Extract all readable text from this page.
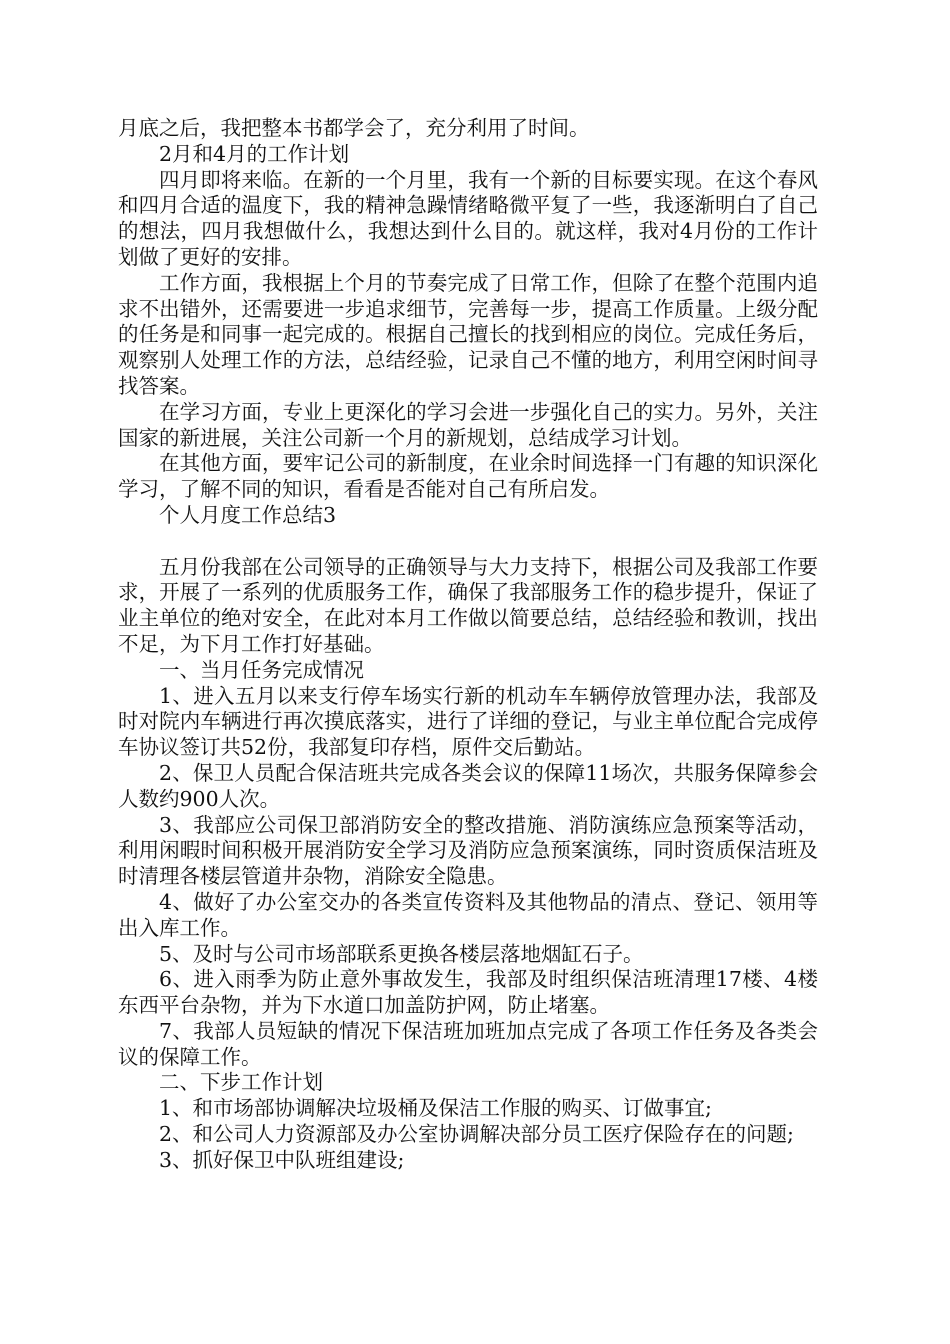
月底之后，我把整本书都学会了，充分利用了时间。

2月和4月的工作计划

四月即将来临。在新的一个月里，我有一个新的目标要实现。在这个春风和四月合适的温度下，我的精神急躁情绪略微平复了一些，我逐渐明白了自己的想法，四月我想做什么，我想达到什么目的。就这样，我对4月份的工作计划做了更好的安排。

工作方面，我根据上个月的节奏完成了日常工作，但除了在整个范围内追求不出错外，还需要进一步追求细节，完善每一步，提高工作质量。上级分配的任务是和同事一起完成的。根据自己擅长的找到相应的岗位。完成任务后，观察别人处理工作的方法，总结经验，记录自己不懂的地方，利用空闲时间寻找答案。

在学习方面，专业上更深化的学习会进一步强化自己的实力。另外，关注国家的新进展，关注公司新一个月的新规划，总结成学习计划。

在其他方面，要牢记公司的新制度，在业余时间选择一门有趣的知识深化学习，了解不同的知识，看看是否能对自己有所启发。

个人月度工作总结3

五月份我部在公司领导的正确领导与大力支持下，根据公司及我部工作要求，开展了一系列的优质服务工作，确保了我部服务工作的稳步提升，保证了业主单位的绝对安全，在此对本月工作做以简要总结，总结经验和教训，找出不足，为下月工作打好基础。

一、当月任务完成情况

1、进入五月以来支行停车场实行新的机动车车辆停放管理办法，我部及时对院内车辆进行再次摸底落实，进行了详细的登记，与业主单位配合完成停车协议签订共52份，我部复印存档，原件交后勤站。

2、保卫人员配合保洁班共完成各类会议的保障11场次，共服务保障参会人数约900人次。

3、我部应公司保卫部消防安全的整改措施、消防演练应急预案等活动，利用闲暇时间积极开展消防安全学习及消防应急预案演练，同时资质保洁班及时清理各楼层管道井杂物，消除安全隐患。

4、做好了办公室交办的各类宣传资料及其他物品的清点、登记、领用等出入库工作。

5、及时与公司市场部联系更换各楼层落地烟缸石子。

6、进入雨季为防止意外事故发生，我部及时组织保洁班清理17楼、4楼东西平台杂物，并为下水道口加盖防护网，防止堵塞。

7、我部人员短缺的情况下保洁班加班加点完成了各项工作任务及各类会议的保障工作。

二、下步工作计划

1、和市场部协调解决垃圾桶及保洁工作服的购买、订做事宜;

2、和公司人力资源部及办公室协调解决部分员工医疗保险存在的问题;

3、抓好保卫中队班组建设;
